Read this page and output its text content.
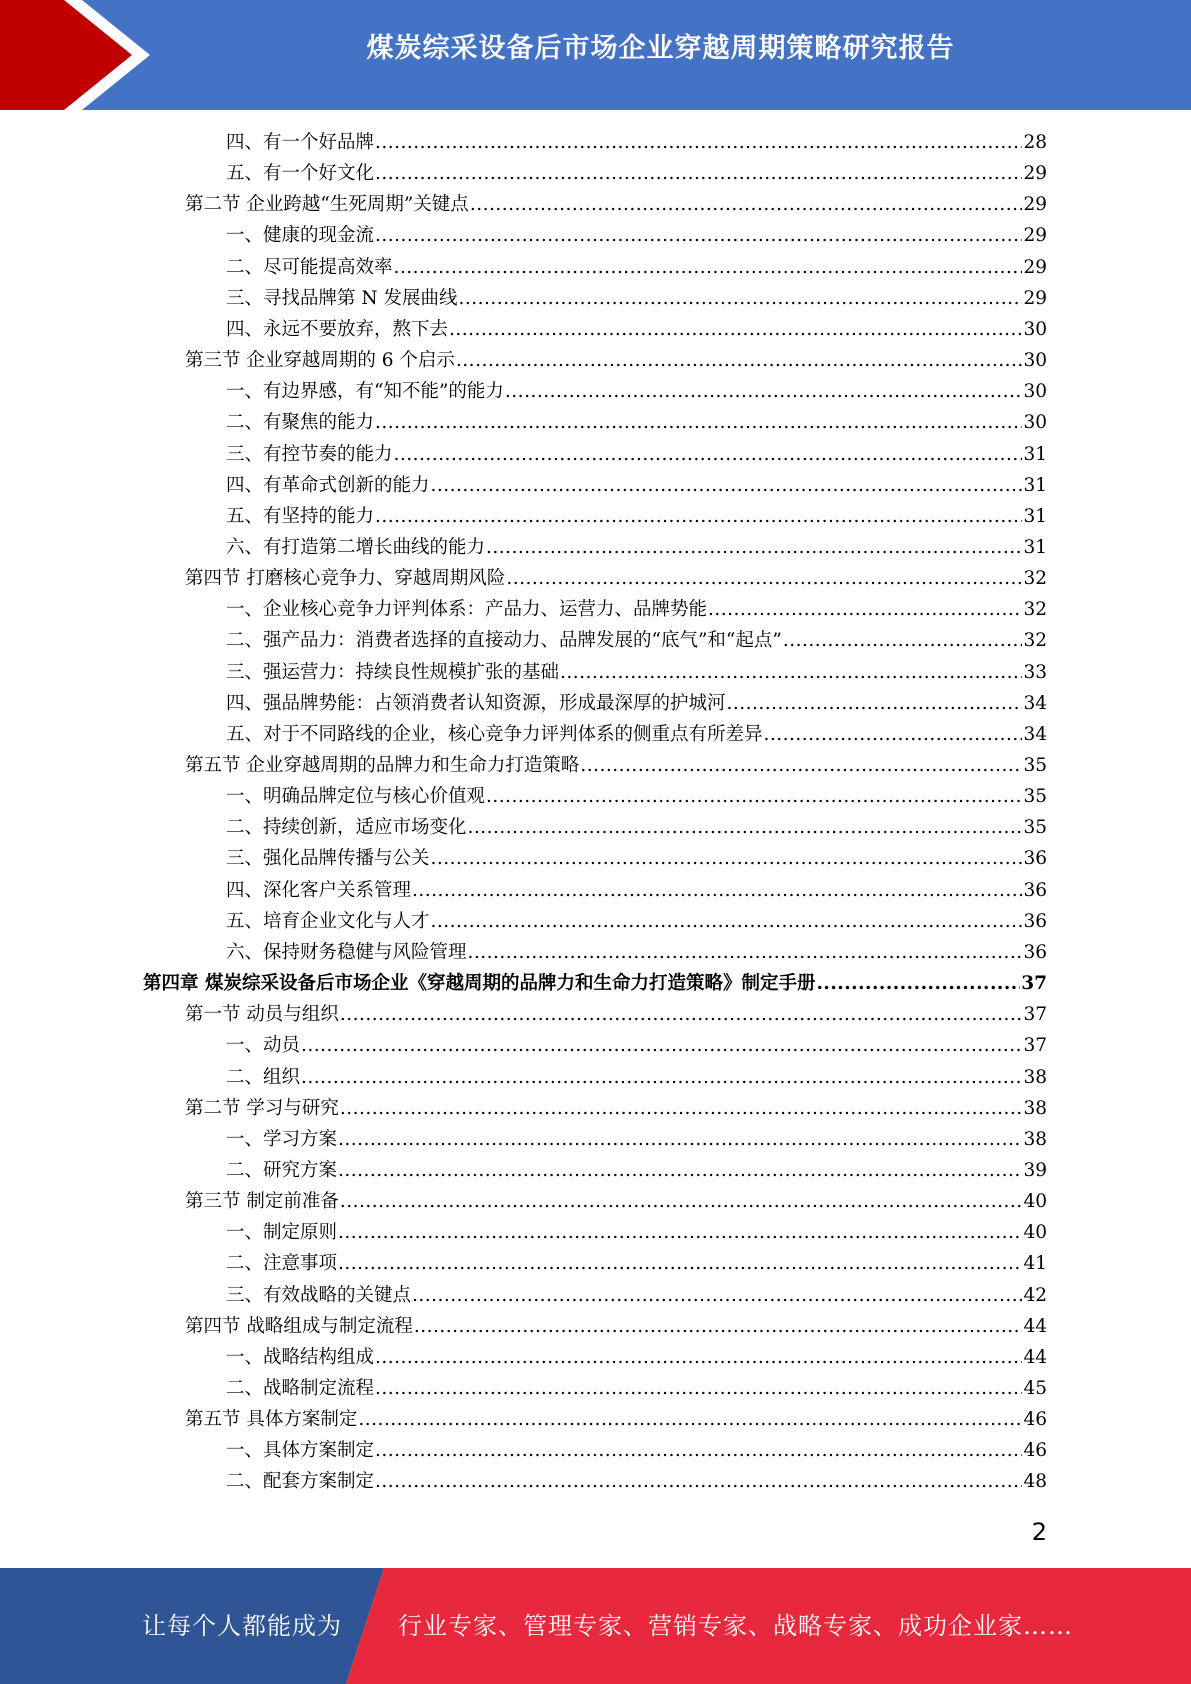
煤炭综采设备后市场企业穿越周期策略研究报告
四、有一个好品牌 .....	28
五、有一个好文化 .....	29
第二节 企业跨越“生死周期”关键点 .....	29
一、健康的现金流 .....	29
二、尽可能提高效率 .....	29
三、寻找品牌第 N 发展曲线 .....	29
四、永远不要放弃，熬下去 .....	30
第三节 企业穿越周期的 6 个启示 .....	30
一、有边界感，有“知不能”的能力 .....	30
二、有聚焦的能力 .....	30
三、有控节奏的能力 .....	31
四、有革命式创新的能力 .....	31
五、有坚持的能力 .....	31
六、有打造第二增长曲线的能力 .....	31
第四节 打磨核心竞争力、穿越周期风险 .....	32
一、企业核心竞争力评判体系：产品力、运营力、品牌势能 .....	32
二、强产品力：消费者选择的直接动力、品牌发展的“底气”和“起点” .....	32
三、强运营力：持续良性规模扩张的基础 .....	33
四、强品牌势能：占领消费者认知资源，形成最深厚的护城河 .....	34
五、对于不同路线的企业，核心竞争力评判体系的侧重点有所差异 .....	34
第五节 企业穿越周期的品牌力和生命力打造策略 .....	35
一、明确品牌定位与核心价值观 .....	35
二、持续创新，适应市场变化 .....	35
三、强化品牌传播与公关 .....	36
四、深化客户关系管理 .....	36
五、培育企业文化与人才 .....	36
六、保持财务稳健与风险管理 .....	36
第四章 煤炭综采设备后市场企业《穿越周期的品牌力和生命力打造策略》制定手册 .....	37
第一节 动员与组织 .....	37
一、动员 .....	37
二、组织 .....	38
第二节 学习与研究 .....	38
一、学习方案 .....	38
二、研究方案 .....	39
第三节 制定前准备 .....	40
一、制定原则 .....	40
二、注意事项 .....	41
三、有效战略的关键点 .....	42
第四节 战略组成与制定流程 .....	44
一、战略结构组成 .....	44
二、战略制定流程 .....	45
第五节 具体方案制定 .....	46
一、具体方案制定 .....	46
二、配套方案制定 .....	48
2
让每个人都能成为 行业专家、管理专家、营销专家、战略专家、成功企业家……
